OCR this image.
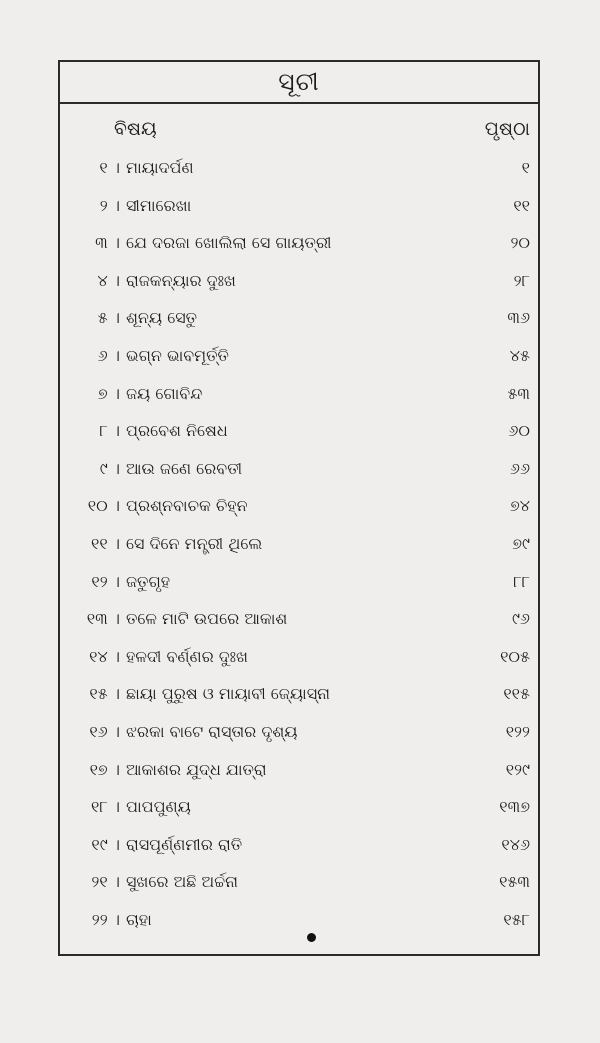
ସୂଚୀ
ବିଷୟ	ପୃଷ୍ଠା
୧ । ମାୟାଦର୍ପଣ	୧
୨ । ସୀମାରେଖା	୧୧
୩ । ଯେ ଦରଜା ଖୋଲିଲା ସେ ଗାୟତ୍ରୀ	୨୦
୪ । ରାଜକନ୍ୟାର ଦୁଃଖ	୨୮
୫ । ଶୂନ୍ୟ ସେତୁ	୩୬
୬ । ଭଗ୍ନ ଭାବମୂର୍ତ୍ତି	୪୫
୭ । ଜୟ ଗୋବିନ୍ଦ	୫୩
୮ । ପ୍ରବେଶ ନିଷେଧ	୬୦
୯ । ଆଉ ଜଣେ ରେବତୀ	୬୬
୧୦ । ପ୍ରଶ୍ନବାଚକ ଚିହ୍ନ	୭୪
୧୧ । ସେ ଦିନେ ମନ୍ତ୍ରୀ ଥିଲେ	୭୯
୧୨ । ଜତୁଗୃହ	୮୮
୧୩ । ତଳେ ମାଟି ଉପରେ ଆକାଶ	୯୬
୧୪ । ହଳଦୀ ବର୍ଣ୍ଣର ଦୁଃଖ	୧୦୫
୧୫ । ଛାୟା ପୁରୁଷ ଓ ମାୟାବୀ ଜ୍ୟୋସ୍ନା	୧୧୫
୧୬ । ଝରକା ବାଟେ ରାସ୍ତାର ଦୃଶ୍ୟ	୧୨୨
୧୭ । ଆକାଶର ଯୁଦ୍ଧ ଯାତ୍ରା	୧୨୯
୧୮ । ପାପପୁଣ୍ୟ	୧୩୭
୧୯ । ରାସପୂର୍ଣ୍ଣମୀର ରାତି	୧୪୬
୨୧ । ସୁଖରେ ଅଛି ଅର୍ଚ୍ଚନା	୧୫୩
୨୨ । ଚାହା	୧୫୮
